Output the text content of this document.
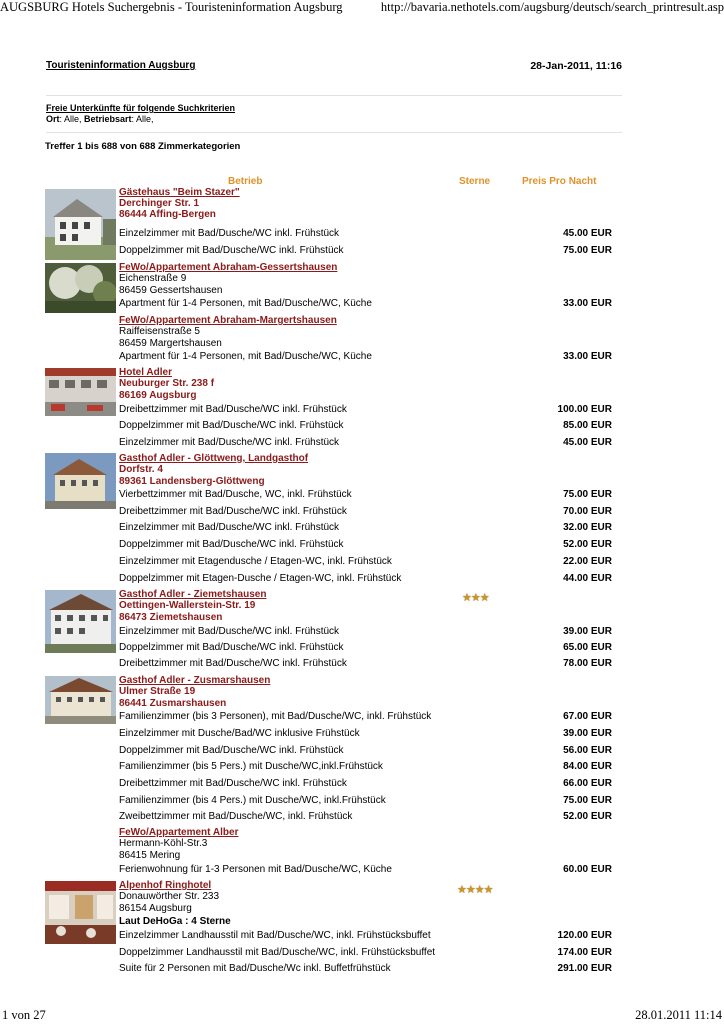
AUGSBURG Hotels Suchergebnis - Touristeninformation Augsburg	http://bavaria.nethotels.com/augsburg/deutsch/search_printresult.asp
Touristeninformation Augsburg	28-Jan-2011, 11:16
Freie Unterkünfte für folgende Suchkriterien
Ort: Alle, Betriebsart: Alle,
Treffer 1 bis 688 von 688 Zimmerkategorien
Betrieb	Sterne	Preis Pro Nacht
Gästehaus "Beim Stazer"
Derchinger Str. 1
86444 Affing-Bergen
Einzelzimmer mit Bad/Dusche/WC inkl. Frühstück	45.00 EUR
Doppelzimmer mit Bad/Dusche/WC inkl. Frühstück	75.00 EUR
FeWo/Appartement Abraham-Gessertshausen
Eichenstraße 9
86459 Gessertshausen
Apartment für 1-4 Personen, mit Bad/Dusche/WC, Küche	33.00 EUR
FeWo/Appartement Abraham-Margertshausen
Raiffeisenstraße 5
86459 Margertshausen
Apartment für 1-4 Personen, mit Bad/Dusche/WC, Küche	33.00 EUR
Hotel Adler
Neuburger Str. 238 f
86169 Augsburg
Dreibettzimmer mit Bad/Dusche/WC inkl. Frühstück	100.00 EUR
Doppelzimmer mit Bad/Dusche/WC inkl. Frühstück	85.00 EUR
Einzelzimmer mit Bad/Dusche/WC inkl. Frühstück	45.00 EUR
Gasthof Adler - Glöttweng, Landgasthof
Dorfstr. 4
89361 Landensberg-Glöttweng
Vierbettzimmer mit Bad/Dusche, WC, inkl. Frühstück	75.00 EUR
Dreibettzimmer mit Bad/Dusche/WC inkl. Frühstück	70.00 EUR
Einzelzimmer mit Bad/Dusche/WC inkl. Frühstück	32.00 EUR
Doppelzimmer mit Bad/Dusche/WC inkl. Frühstück	52.00 EUR
Einzelzimmer mit Etagendusche / Etagen-WC, inkl. Frühstück	22.00 EUR
Doppelzimmer mit Etagen-Dusche / Etagen-WC, inkl. Frühstück	44.00 EUR
Gasthof Adler - Ziemetshausen	★★★
Oettingen-Wallerstein-Str. 19
86473 Ziemetshausen
Einzelzimmer mit Bad/Dusche/WC inkl. Frühstück	39.00 EUR
Doppelzimmer mit Bad/Dusche/WC inkl. Frühstück	65.00 EUR
Dreibettzimmer mit Bad/Dusche/WC inkl. Frühstück	78.00 EUR
Gasthof Adler - Zusmarshausen
Ulmer Straße 19
86441 Zusmarshausen
Familienzimmer (bis 3 Personen), mit Bad/Dusche/WC, inkl. Frühstück	67.00 EUR
Einzelzimmer mit Dusche/Bad/WC inklusive Frühstück	39.00 EUR
Doppelzimmer mit Bad/Dusche/WC inkl. Frühstück	56.00 EUR
Familienzimmer (bis 5 Pers.) mit Dusche/WC,inkl.Frühstück	84.00 EUR
Dreibettzimmer mit Bad/Dusche/WC inkl. Frühstück	66.00 EUR
Familienzimmer (bis 4 Pers.) mit Dusche/WC, inkl.Frühstück	75.00 EUR
Zweibettzimmer mit Bad/Dusche/WC, inkl. Frühstück	52.00 EUR
FeWo/Appartement Alber
Hermann-Köhl-Str.3
86415 Mering
Ferienwohnung für 1-3 Personen mit Bad/Dusche/WC, Küche	60.00 EUR
Alpenhof Ringhotel	★★★★
Donauwörther Str. 233
86154 Augsburg
Laut DeHoGa : 4 Sterne
Einzelzimmer Landhausstil mit Bad/Dusche/WC, inkl. Frühstücksbuffet	120.00 EUR
Doppelzimmer Landhausstil mit Bad/Dusche/WC, inkl. Frühstücksbuffet	174.00 EUR
Suite für 2 Personen mit Bad/Dusche/Wc inkl. Buffetfrühstück	291.00 EUR
1 von 27	28.01.2011 11:14
